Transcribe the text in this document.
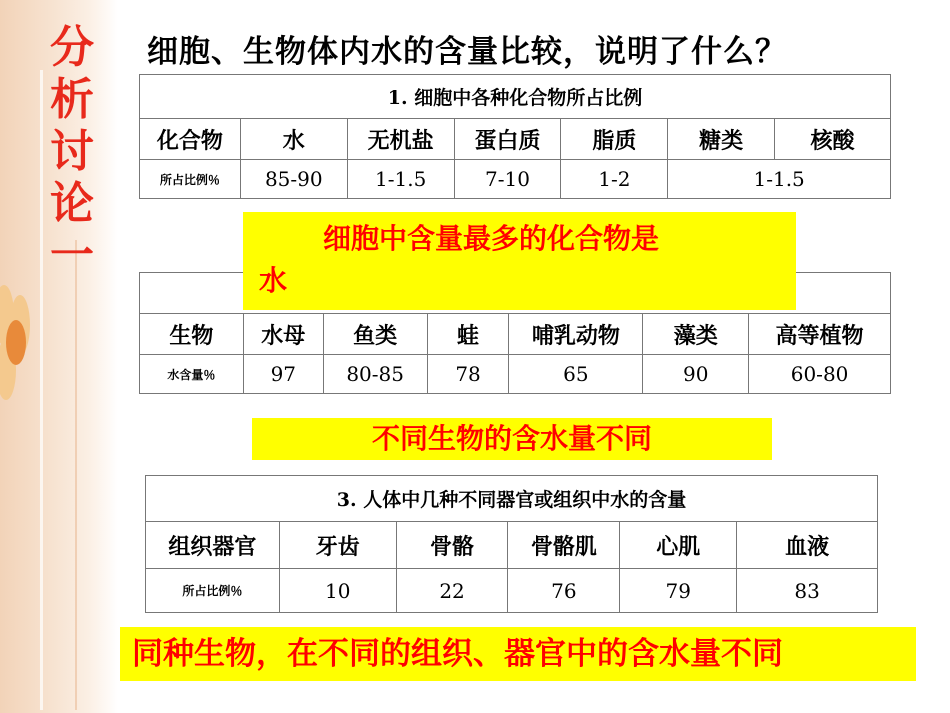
分
析
讨
论
一
细胞、生物体内水的含量比较，说明了什么？
1. 细胞中各种化合物所占比例						
化合物	水	无机盐	蛋白质	脂质	糖类	核酸
所占比例％	85-90	1-1.5	7-10	1-2	1-1.5	

生物	水母	鱼类	蛙	哺乳动物	藻类	高等植物
水含量％	97	80-85	78	65	90	60-80
3. 人体中几种不同器官或组织中水的含量					
组织器官	牙齿	骨骼	骨骼肌	心肌	血液
所占比例％	10	22	76	79	83
细胞中含量最多的化合物是
水
不同生物的含水量不同
同种生物，在不同的组织、器官中的含水量不同
